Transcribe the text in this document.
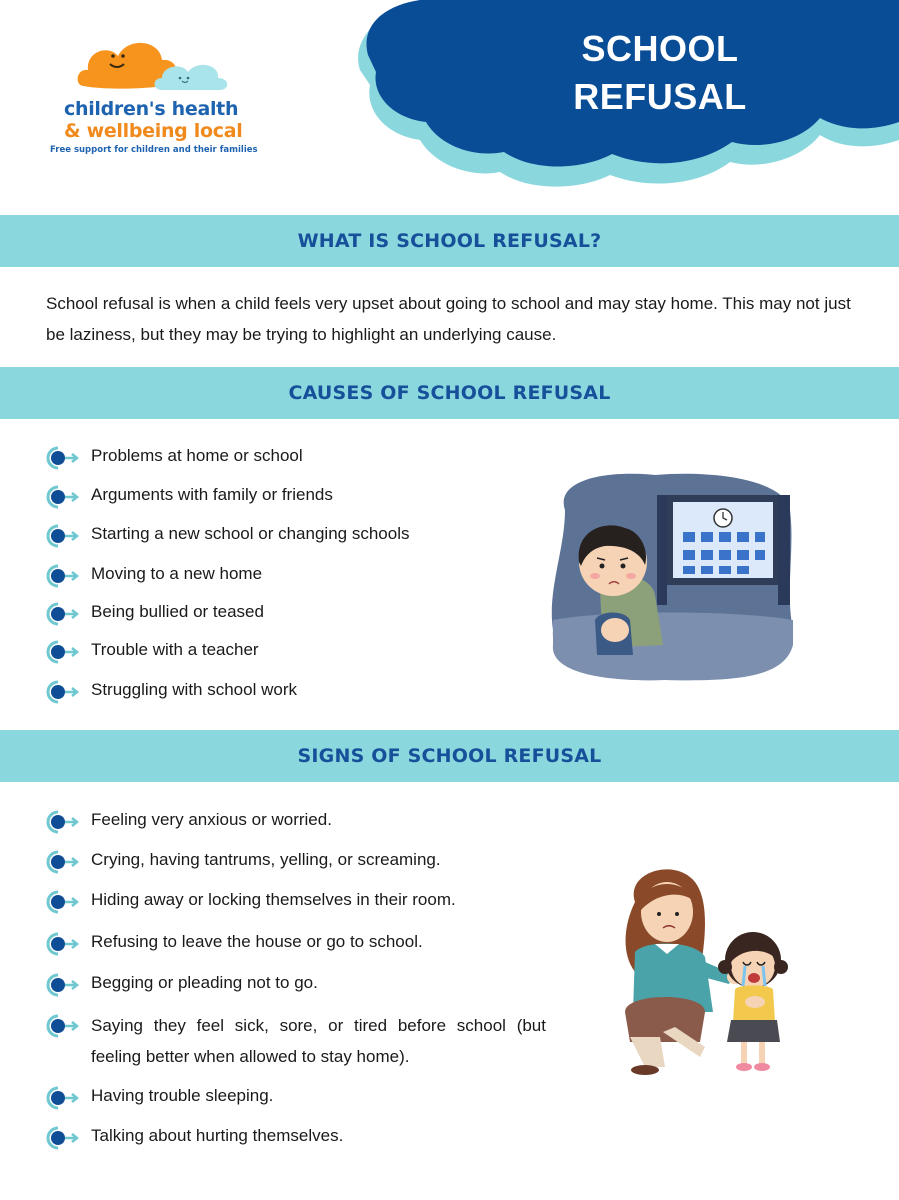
children's health
& wellbeing local
Free support for children and their families
SCHOOL
REFUSAL
WHAT IS SCHOOL REFUSAL?
School refusal is when a child feels very upset about going to school and may stay home. This may not just be laziness, but they may be trying to highlight an underlying cause.
CAUSES OF SCHOOL REFUSAL
Problems at home or school
Arguments with family or friends
Starting a new school or changing schools
Moving to a new home
Being bullied or teased
Trouble with a teacher
Struggling with school work
SIGNS OF SCHOOL REFUSAL
Feeling very anxious or worried.
Crying, having tantrums, yelling, or screaming.
Hiding away or locking themselves in their room.
Refusing to leave the house or go to school.
Begging or pleading not to go.
Saying they feel sick, sore, or tired before school (but feeling better when allowed to stay home).
Having trouble sleeping.
Talking about hurting themselves.
